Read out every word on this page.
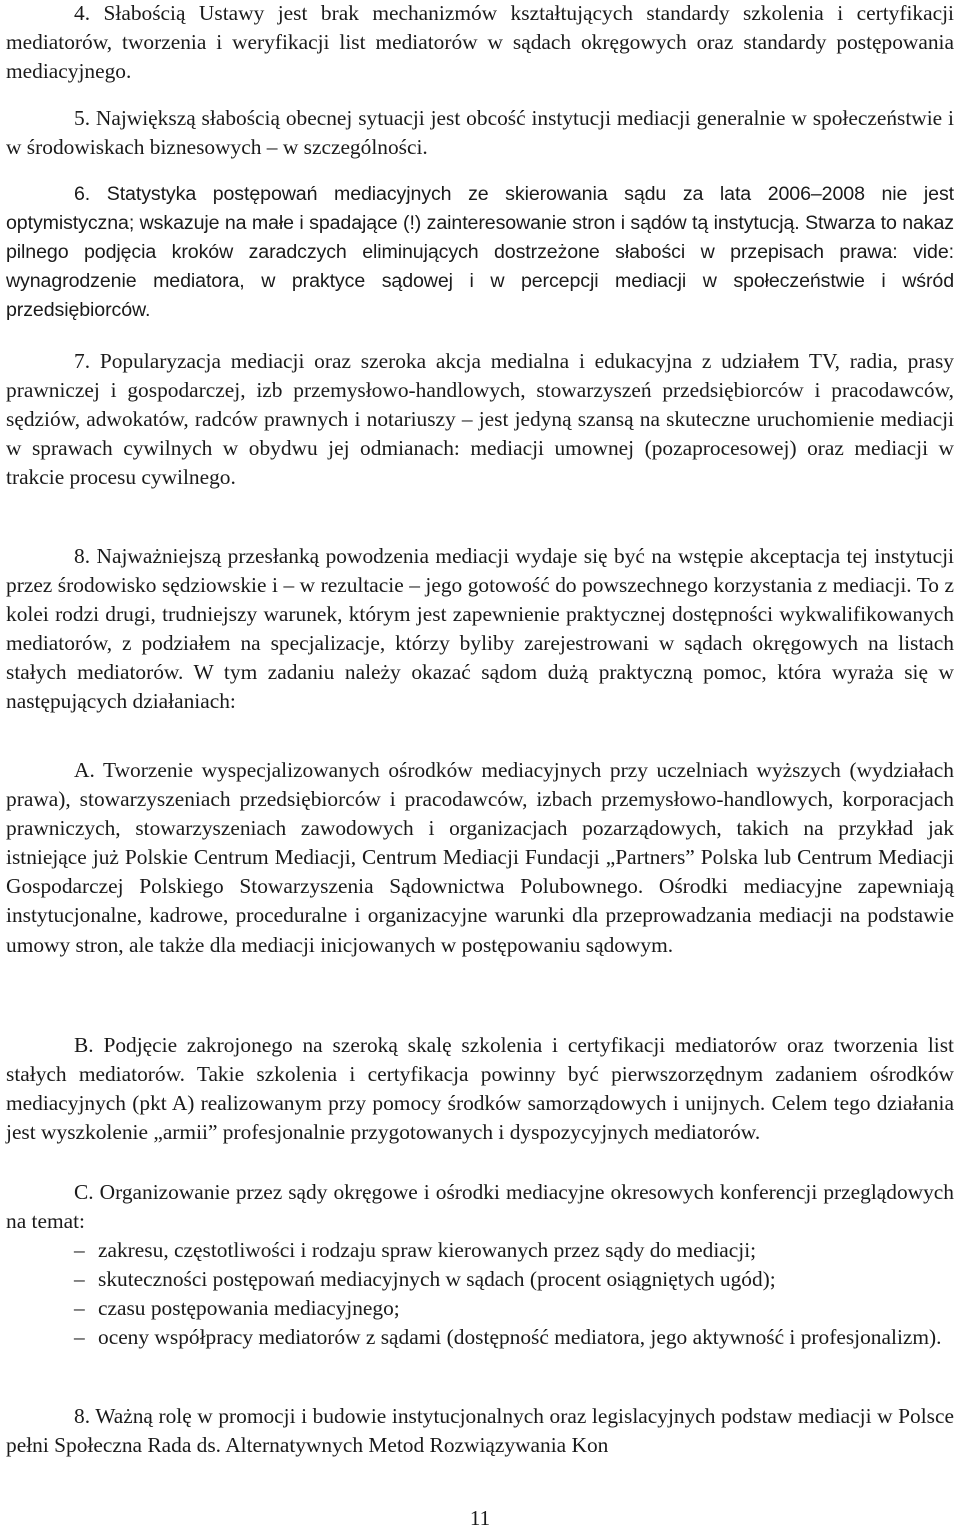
4. Słabością Ustawy jest brak mechanizmów kształtujących standardy szkolenia i certyfikacji mediatorów, tworzenia i weryfikacji list mediatorów w sądach okręgowych oraz standardy postępowania mediacyjnego.

5. Największą słabością obecnej sytuacji jest obcość instytucji mediacji generalnie w społeczeństwie i w środowiskach biznesowych – w szczególności.

6. Statystyka postępowań mediacyjnych ze skierowania sądu za lata 2006–2008 nie jest optymistyczna; wskazuje na małe i spadające (!) zainteresowanie stron i sądów tą instytucją. Stwarza to nakaz pilnego podjęcia kroków zaradczych eliminujących dostrzeżone słabości w przepisach prawa: vide: wynagrodzenie mediatora, w praktyce sądowej i w percepcji mediacji w społeczeństwie i wśród przedsiębiorców.

7. Popularyzacja mediacji oraz szeroka akcja medialna i edukacyjna z udziałem TV, radia, prasy prawniczej i gospodarczej, izb przemysłowo-handlowych, stowarzyszeń przedsiębiorców i pracodawców, sędziów, adwokatów, radców prawnych i notariuszy – jest jedyną szansą na skuteczne uruchomienie mediacji w sprawach cywilnych w obydwu jej odmianach: mediacji umownej (pozaprocesowej) oraz mediacji w trakcie procesu cywilnego.

8. Najważniejszą przesłanką powodzenia mediacji wydaje się być na wstępie akceptacja tej instytucji przez środowisko sędziowskie i – w rezultacie – jego gotowość do powszechnego korzystania z mediacji. To z kolei rodzi drugi, trudniejszy warunek, którym jest zapewnienie praktycznej dostępności wykwalifikowanych mediatorów, z podziałem na specjalizacje, którzy byliby zarejestrowani w sądach okręgowych na listach stałych mediatorów. W tym zadaniu należy okazać sądom dużą praktyczną pomoc, która wyraża się w następujących działaniach:

A. Tworzenie wyspecjalizowanych ośrodków mediacyjnych przy uczelniach wyższych (wydziałach prawa), stowarzyszeniach przedsiębiorców i pracodawców, izbach przemysłowo-handlowych, korporacjach prawniczych, stowarzyszeniach zawodowych i organizacjach pozarządowych, takich na przykład jak istniejące już Polskie Centrum Mediacji, Centrum Mediacji Fundacji „Partners” Polska lub Centrum Mediacji Gospodarczej Polskiego Stowarzyszenia Sądownictwa Polubownego. Ośrodki mediacyjne zapewniają instytucjonalne, kadrowe, proceduralne i organizacyjne warunki dla przeprowadzania mediacji na podstawie umowy stron, ale także dla mediacji inicjowanych w postępowaniu sądowym.

B. Podjęcie zakrojonego na szeroką skalę szkolenia i certyfikacji mediatorów oraz tworzenia list stałych mediatorów. Takie szkolenia i certyfikacja powinny być pierwszorzędnym zadaniem ośrodków mediacyjnych (pkt A) realizowanym przy pomocy środków samorządowych i unijnych. Celem tego działania jest wyszkolenie „armii” profesjonalnie przygotowanych i dyspozycyjnych mediatorów.

C. Organizowanie przez sądy okręgowe i ośrodki mediacyjne okresowych konferencji przeglądowych na temat:

– zakresu, częstotliwości i rodzaju spraw kierowanych przez sądy do mediacji;
– skuteczności postępowań mediacyjnych w sądach (procent osiągniętych ugód);
– czasu postępowania mediacyjnego;
– oceny współpracy mediatorów z sądami (dostępność mediatora, jego aktywność i profesjonalizm).

8. Ważną rolę w promocji i budowie instytucjonalnych oraz legislacyjnych podstaw mediacji w Polsce pełni Społeczna Rada ds. Alternatywnych Metod Rozwiązywania Kon

11
